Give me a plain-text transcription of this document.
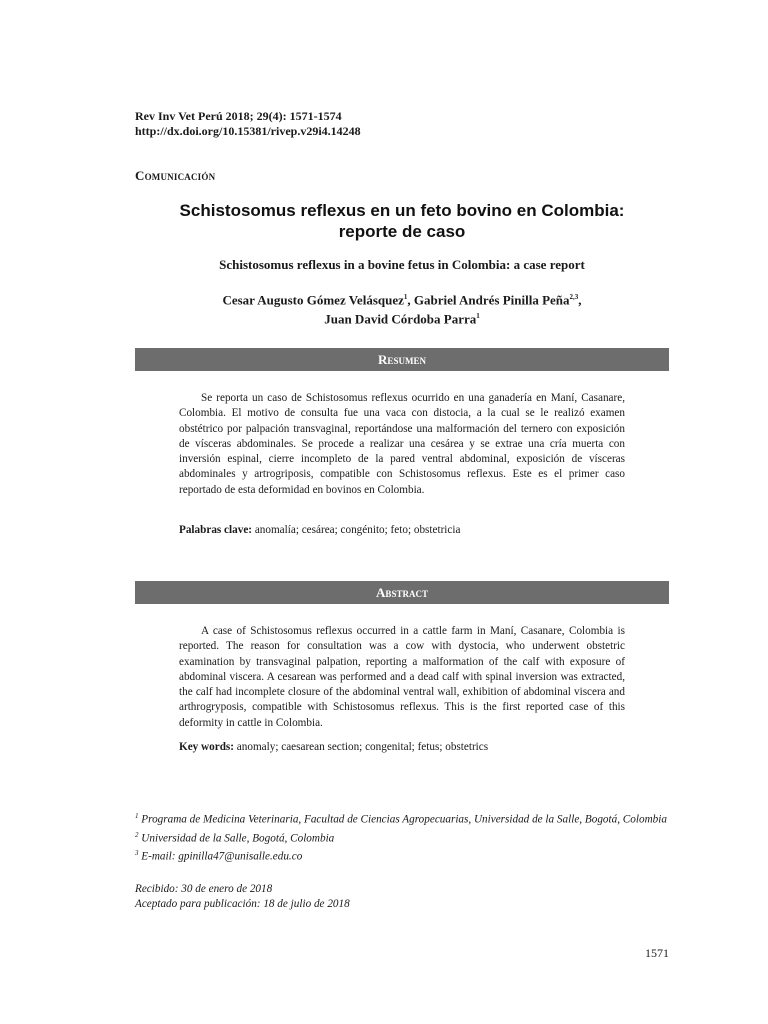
Rev Inv Vet Perú 2018; 29(4): 1571-1574
http://dx.doi.org/10.15381/rivep.v29i4.14248
Comunicación
Schistosomus reflexus en un feto bovino en Colombia:
reporte de caso
Schistosomus reflexus in a bovine fetus in Colombia: a case report
Cesar Augusto Gómez Velásquez$^1$, Gabriel Andrés Pinilla Peña$^{2,3}$,
Juan David Córdoba Parra$^1$
Resumen

Se reporta un caso de Schistosomus reflexus ocurrido en una ganadería en Maní, Casanare, Colombia. El motivo de consulta fue una vaca con distocia, a la cual se le realizó examen obstétrico por palpación transvaginal, reportándose una malformación del ternero con exposición de vísceras abdominales. Se procede a realizar una cesárea y se extrae una cría muerta con inversión espinal, cierre incompleto de la pared ventral abdominal, exposición de vísceras abdominales y artrogriposis, compatible con Schistosomus reflexus. Este es el primer caso reportado de esta deformidad en bovinos en Colombia.

Palabras clave: anomalía; cesárea; congénito; feto; obstetricia
Abstract

A case of Schistosomus reflexus occurred in a cattle farm in Maní, Casanare, Colombia is reported. The reason for consultation was a cow with dystocia, who underwent obstetric examination by transvaginal palpation, reporting a malformation of the calf with exposure of abdominal viscera. A cesarean was performed and a dead calf with spinal inversion was extracted, the calf had incomplete closure of the abdominal ventral wall, exhibition of abdominal viscera and arthrogryposis, compatible with Schistosomus reflexus. This is the first reported case of this deformity in cattle in Colombia.

Key words: anomaly; caesarean section; congenital; fetus; obstetrics
$^1$ Programa de Medicina Veterinaria, Facultad de Ciencias Agropecuarias, Universidad de la Salle, Bogotá, Colombia
$^2$ Universidad de la Salle, Bogotá, Colombia
$^3$ E-mail: gpinilla47@unisalle.edu.co
Recibido: 30 de enero de 2018
Aceptado para publicación: 18 de julio de 2018
1571
